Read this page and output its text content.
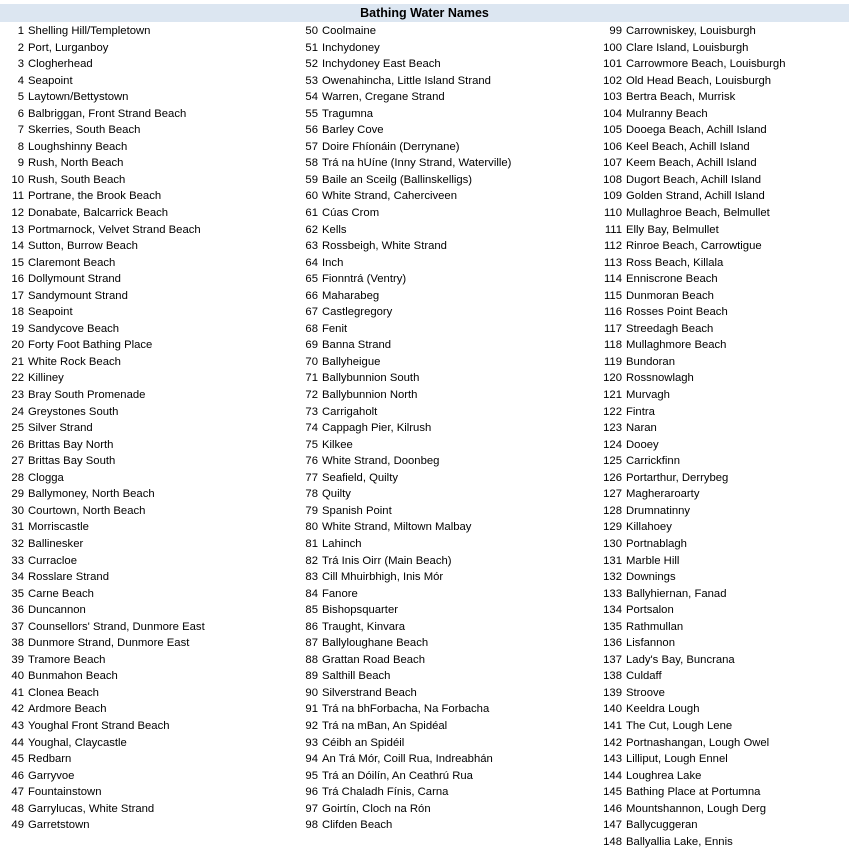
Bathing Water Names
1 Shelling Hill/Templetown
2 Port, Lurganboy
3 Clogherhead
4 Seapoint
5 Laytown/Bettystown
6 Balbriggan, Front Strand Beach
7 Skerries, South Beach
8 Loughshinny Beach
9 Rush, North Beach
10 Rush, South Beach
11 Portrane, the Brook Beach
12 Donabate, Balcarrick Beach
13 Portmarnock, Velvet Strand Beach
14 Sutton, Burrow Beach
15 Claremont Beach
16 Dollymount Strand
17 Sandymount Strand
18 Seapoint
19 Sandycove Beach
20 Forty Foot Bathing Place
21 White Rock Beach
22 Killiney
23 Bray South Promenade
24 Greystones South
25 Silver Strand
26 Brittas Bay North
27 Brittas Bay South
28 Clogga
29 Ballymoney, North Beach
30 Courtown, North Beach
31 Morriscastle
32 Ballinesker
33 Curracloe
34 Rosslare Strand
35 Carne Beach
36 Duncannon
37 Counsellors' Strand, Dunmore East
38 Dunmore Strand, Dunmore East
39 Tramore Beach
40 Bunmahon Beach
41 Clonea Beach
42 Ardmore Beach
43 Youghal Front Strand Beach
44 Youghal, Claycastle
45 Redbarn
46 Garryvoe
47 Fountainstown
48 Garrylucas, White Strand
49 Garretstown
50 Coolmaine
51 Inchydoney
52 Inchydoney East Beach
53 Owenahincha, Little Island Strand
54 Warren, Cregane Strand
55 Tragumna
56 Barley Cove
57 Doire Fhíonáin (Derrynane)
58 Trá na hUíne (Inny Strand, Waterville)
59 Baile an Sceilg (Ballinskelligs)
60 White Strand, Caherciveen
61 Cúas Crom
62 Kells
63 Rossbeigh, White Strand
64 Inch
65 Fionntrá (Ventry)
66 Maharabeg
67 Castlegregory
68 Fenit
69 Banna Strand
70 Ballyheigue
71 Ballybunnion South
72 Ballybunnion North
73 Carrigaholt
74 Cappagh Pier, Kilrush
75 Kilkee
76 White Strand, Doonbeg
77 Seafield, Quilty
78 Quilty
79 Spanish Point
80 White Strand, Miltown Malbay
81 Lahinch
82 Trá Inis Oirr (Main Beach)
83 Cill Mhuirbhigh, Inis Mór
84 Fanore
85 Bishopsquarter
86 Traught, Kinvara
87 Ballyloughane Beach
88 Grattan Road Beach
89 Salthill Beach
90 Silverstrand Beach
91 Trá na bhForbacha, Na Forbacha
92 Trá na mBan, An Spidéal
93 Céibh an Spidéil
94 An Trá Mór, Coill Rua, Indreabhán
95 Trá an Dóilín, An Ceathrú Rua
96 Trá Chaladh Fínis, Carna
97 Goirtín, Cloch na Rón
98 Clifden Beach
99 Carrowniskey, Louisburgh
100 Clare Island, Louisburgh
101 Carrowmore Beach, Louisburgh
102 Old Head Beach, Louisburgh
103 Bertra Beach, Murrisk
104 Mulranny Beach
105 Dooega Beach, Achill Island
106 Keel Beach, Achill Island
107 Keem Beach, Achill Island
108 Dugort Beach, Achill Island
109 Golden Strand, Achill Island
110 Mullaghroe Beach, Belmullet
111 Elly Bay, Belmullet
112 Rinroe Beach, Carrowtigue
113 Ross Beach, Killala
114 Enniscrone Beach
115 Dunmoran Beach
116 Rosses Point Beach
117 Streedagh Beach
118 Mullaghmore Beach
119 Bundoran
120 Rossnowlagh
121 Murvagh
122 Fintra
123 Naran
124 Dooey
125 Carrickfinn
126 Portarthur, Derrybeg
127 Magheraroarty
128 Drumnatinny
129 Killahoey
130 Portnablagh
131 Marble Hill
132 Downings
133 Ballyhiernan, Fanad
134 Portsalon
135 Rathmullan
136 Lisfannon
137 Lady's Bay, Buncrana
138 Culdaff
139 Stroove
140 Keeldra Lough
141 The Cut, Lough Lene
142 Portnashangan, Lough Owel
143 Lilliput, Lough Ennel
144 Loughrea Lake
145 Bathing Place at Portumna
146 Mountshannon, Lough Derg
147 Ballycuggeran
148 Ballyallia Lake, Ennis
